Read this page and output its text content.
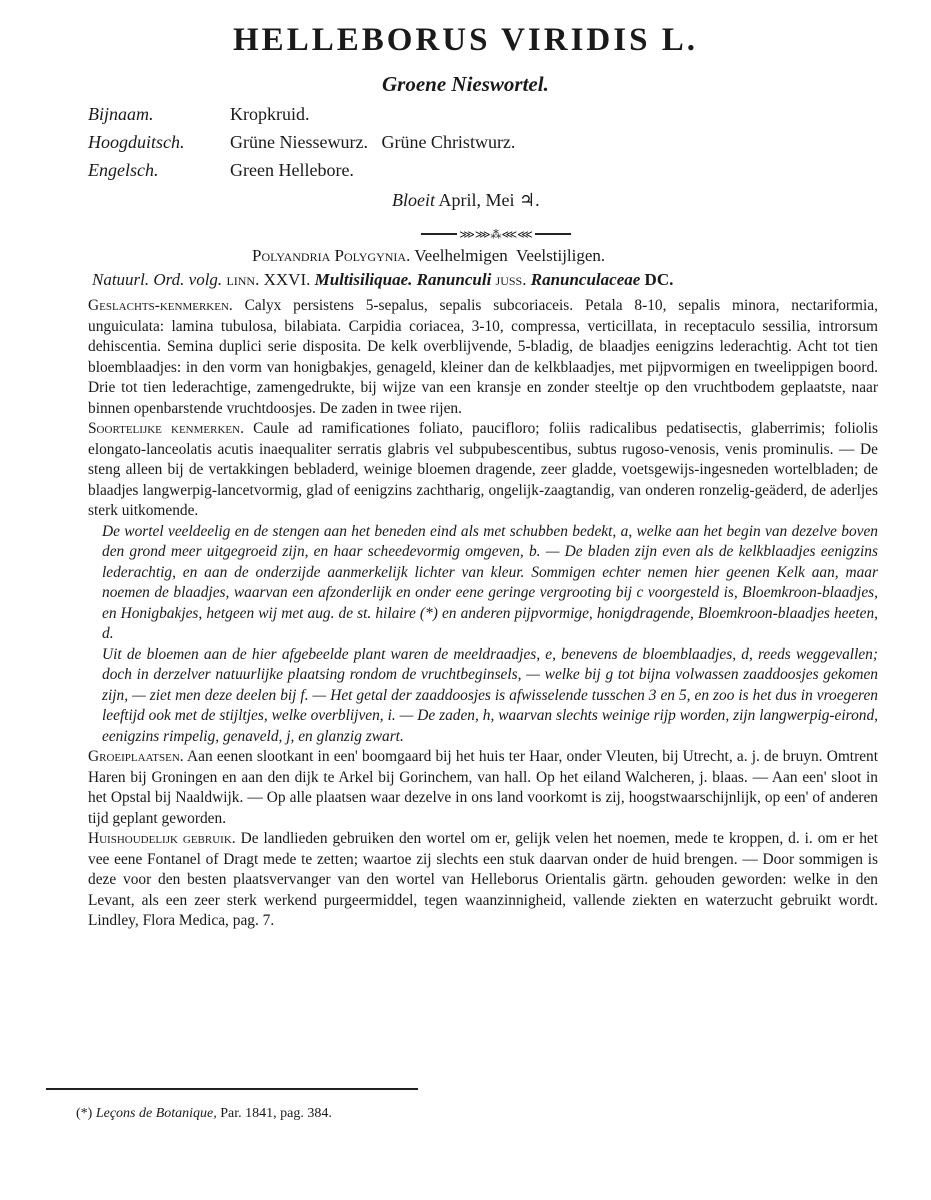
HELLEBORUS VIRIDIS L.
Groene Nieswortel.
Bijnaam.	Kropkruid.
Hoogduitsch.	Grüne Niessewurz.   Grüne Christwurz.
Engelsch.	Green Hellebore.
Bloeit April, Mei ♃.
⋙⋙⁂⋘⋘
Polyandria Polygynia. Veelhelmigen  Veelstijligen.
Natuurl. Ord. volg. linn. XXVI. Multisiliquae. Ranunculi juss. Ranunculaceae DC.

Geslachts-kenmerken. Calyx persistens 5-sepalus, sepalis subcoriaceis. Petala 8-10, sepalis minora, nectariformia, unguiculata: lamina tubulosa, bilabiata. Carpidia coriacea, 3-10, compressa, verticillata, in receptaculo sessilia, introrsum dehiscentia. Semina duplici serie disposita. De kelk overblijvende, 5-bladig, de blaadjes eenigzins lederachtig. Acht tot tien bloemblaadjes: in den vorm van honigbakjes, genageld, kleiner dan de kelkblaadjes, met pijpvormigen en tweelippigen boord. Drie tot tien lederachtige, zamengedrukte, bij wijze van een kransje en zonder steeltje op den vruchtbodem geplaatste, naar binnen openbarstende vruchtdoosjes. De zaden in twee rijen.

Soortelijke kenmerken. Caule ad ramificationes foliato, paucifloro; foliis radicalibus pedatisectis, glaberrimis; foliolis elongato-lanceolatis acutis inaequaliter serratis glabris vel subpubescentibus, subtus rugoso-venosis, venis prominulis. — De steng alleen bij de vertakkingen bebladerd, weinige bloemen dragende, zeer gladde, voetsgewijs-ingesneden wortelbladen; de blaadjes langwerpig-lancetvormig, glad of eenigzins zachtharig, ongelijk-zaagtandig, van onderen ronzelig-geäderd, de aderljes sterk uitkomende.

De wortel veeldeelig en de stengen aan het beneden eind als met schubben bedekt, a, welke aan het begin van dezelve boven den grond meer uitgegroeid zijn, en haar scheedevormig omgeven, b. — De bladen zijn even als de kelkblaadjes eenigzins lederachtig, en aan de onderzijde aanmerkelijk lichter van kleur. Sommigen echter nemen hier geenen Kelk aan, maar noemen de blaadjes, waarvan een afzonderlijk en onder eene geringe vergrooting bij c voorgesteld is, Bloemkroon-blaadjes, en Honigbakjes, hetgeen wij met aug. de st. hilaire (*) en anderen pijpvormige, honigdragende, Bloemkroon-blaadjes heeten, d.

Uit de bloemen aan de hier afgebeelde plant waren de meeldraadjes, e, benevens de bloemblaadjes, d, reeds weggevallen; doch in derzelver natuurlijke plaatsing rondom de vruchtbeginsels, — welke bij g tot bijna volwassen zaaddoosjes gekomen zijn, — ziet men deze deelen bij f. — Het getal der zaaddoosjes is afwisselende tusschen 3 en 5, en zoo is het dus in vroegeren leeftijd ook met de stijltjes, welke overblijven, i. — De zaden, h, waarvan slechts weinige rijp worden, zijn langwerpig-eirond, eenigzins rimpelig, genaveld, j, en glanzig zwart.

Groeiplaatsen. Aan eenen slootkant in een' boomgaard bij het huis ter Haar, onder Vleuten, bij Utrecht, a. j. de bruyn. Omtrent Haren bij Groningen en aan den dijk te Arkel bij Gorinchem, van hall. Op het eiland Walcheren, j. blaas. — Aan een' sloot in het Opstal bij Naaldwijk. — Op alle plaatsen waar dezelve in ons land voorkomt is zij, hoogstwaarschijnlijk, op een' of anderen tijd geplant geworden.

Huishoudelijk gebruik. De landlieden gebruiken den wortel om er, gelijk velen het noemen, mede te kroppen, d. i. om er het vee eene Fontanel of Dragt mede te zetten; waartoe zij slechts een stuk daarvan onder de huid brengen. — Door sommigen is deze voor den besten plaatsvervanger van den wortel van Helleborus Orientalis gärtn. gehouden geworden: welke in den Levant, als een zeer sterk werkend purgeermiddel, tegen waanzinnigheid, vallende ziekten en waterzucht gebruikt wordt. Lindley, Flora Medica, pag. 7.

(*) Leçons de Botanique, Par. 1841, pag. 384.
